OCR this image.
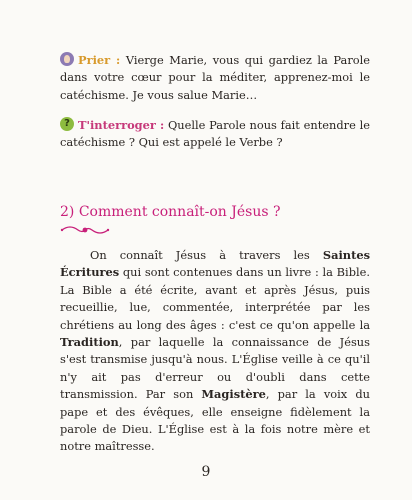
Prier : Vierge Marie, vous qui gardiez la Parole dans votre cœur pour la méditer, apprenez-moi le catéchisme. Je vous salue Marie…
? T'interroger : Quelle Parole nous fait entendre le catéchisme ? Qui est appelé le Verbe ?
2) Comment connaît-on Jésus ?
On connaît Jésus à travers les Saintes Écritures qui sont contenues dans un livre : la Bible. La Bible a été écrite, avant et après Jésus, puis recueillie, lue, commentée, interprétée par les chrétiens au long des âges : c'est ce qu'on appelle la Tradition, par laquelle la connaissance de Jésus s'est transmise jusqu'à nous. L'Église veille à ce qu'il n'y ait pas d'erreur ou d'oubli dans cette transmission. Par son Magistère, par la voix du pape et des évêques, elle enseigne fidèlement la parole de Dieu. L'Église est à la fois notre mère et notre maîtresse.
9
